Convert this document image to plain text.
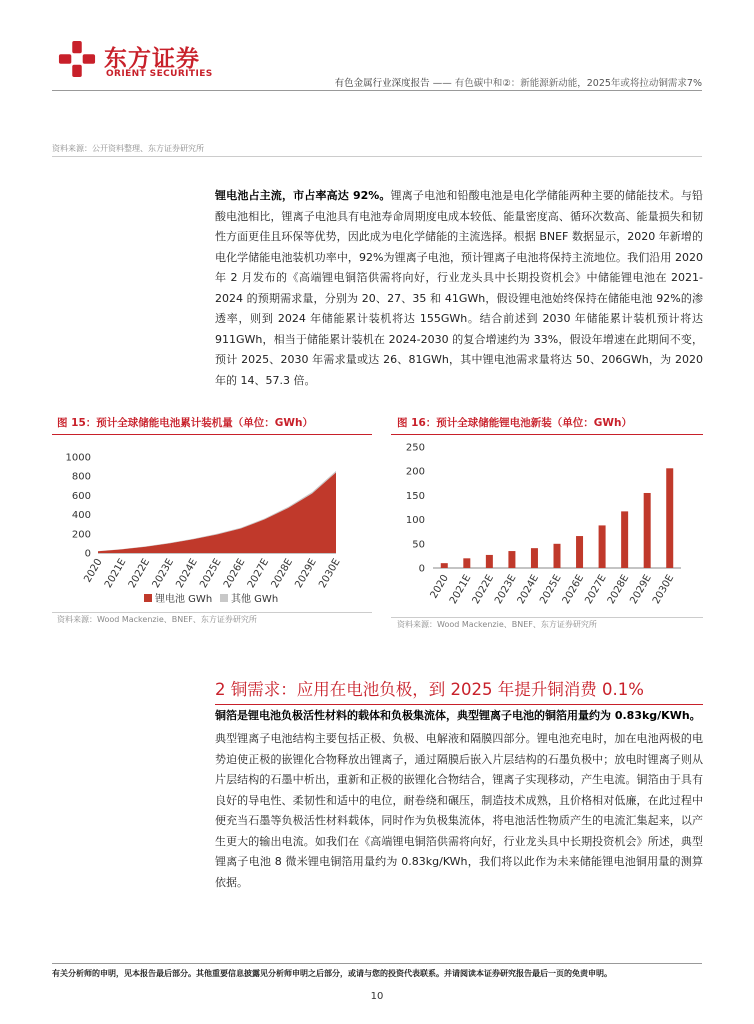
东方证券
ORIENT SECURITIES
有色金属行业深度报告 —— 有色碳中和②：新能源新动能，2025年或将拉动铜需求7%
资料来源：公开资料整理、东方证券研究所
锂电池占主流，市占率高达 92%。锂离子电池和铅酸电池是电化学储能两种主要的储能技术。与铅酸电池相比，锂离子电池具有电池寿命周期度电成本较低、能量密度高、循环次数高、能量损失和韧性方面更佳且环保等优势，因此成为电化学储能的主流选择。根据 BNEF 数据显示，2020 年新增的电化学储能电池装机功率中，92%为锂离子电池，预计锂离子电池将保持主流地位。我们沿用 2020 年 2 月发布的《高端锂电铜箔供需将向好，行业龙头具中长期投资机会》中储能锂电池在 2021-2024 的预期需求量，分别为 20、27、35 和 41GWh，假设锂电池始终保持在储能电池 92%的渗透率，则到 2024 年储能累计装机将达 155GWh。结合前述到 2030 年储能累计装机预计将达 911GWh，相当于储能累计装机在 2024-2030 的复合增速约为 33%，假设年增速在此期间不变，预计 2025、2030 年需求量或达 26、81GWh，其中锂电池需求量将达 50、206GWh，为 2020 年的 14、57.3 倍。
图 15：预计全球储能电池累计装机量（单位：GWh）
0
200
400
600
800
1000
2020
2021E
2022E
2023E
2024E
2025E
2026E
2027E
2028E
2029E
2030E
锂电池 GWh 其他 GWh
资料来源：Wood Mackenzie、BNEF、东方证券研究所
图 16：预计全球储能锂电池新装（单位：GWh）
0
50
100
150
200
250
2020
2021E
2022E
2023E
2024E
2025E
2026E
2027E
2028E
2029E
2030E
资料来源：Wood Mackenzie、BNEF、东方证券研究所
2 铜需求：应用在电池负极，到 2025 年提升铜消费 0.1%
铜箔是锂电池负极活性材料的载体和负极集流体，典型锂离子电池的铜箔用量约为 0.83kg/KWh。
典型锂离子电池结构主要包括正极、负极、电解液和隔膜四部分。锂电池充电时，加在电池两极的电势迫使正极的嵌锂化合物释放出锂离子，通过隔膜后嵌入片层结构的石墨负极中；放电时锂离子则从片层结构的石墨中析出，重新和正极的嵌锂化合物结合，锂离子实现移动，产生电流。铜箔由于具有良好的导电性、柔韧性和适中的电位，耐卷绕和碾压，制造技术成熟，且价格相对低廉，在此过程中便充当石墨等负极活性材料载体，同时作为负极集流体，将电池活性物质产生的电流汇集起来，以产生更大的输出电流。如我们在《高端锂电铜箔供需将向好，行业龙头具中长期投资机会》所述，典型锂离子电池 8 微米锂电铜箔用量约为 0.83kg/KWh，我们将以此作为未来储能锂电池铜用量的测算依据。
有关分析师的申明，见本报告最后部分。其他重要信息披露见分析师申明之后部分，或请与您的投资代表联系。并请阅读本证券研究报告最后一页的免责申明。
10
